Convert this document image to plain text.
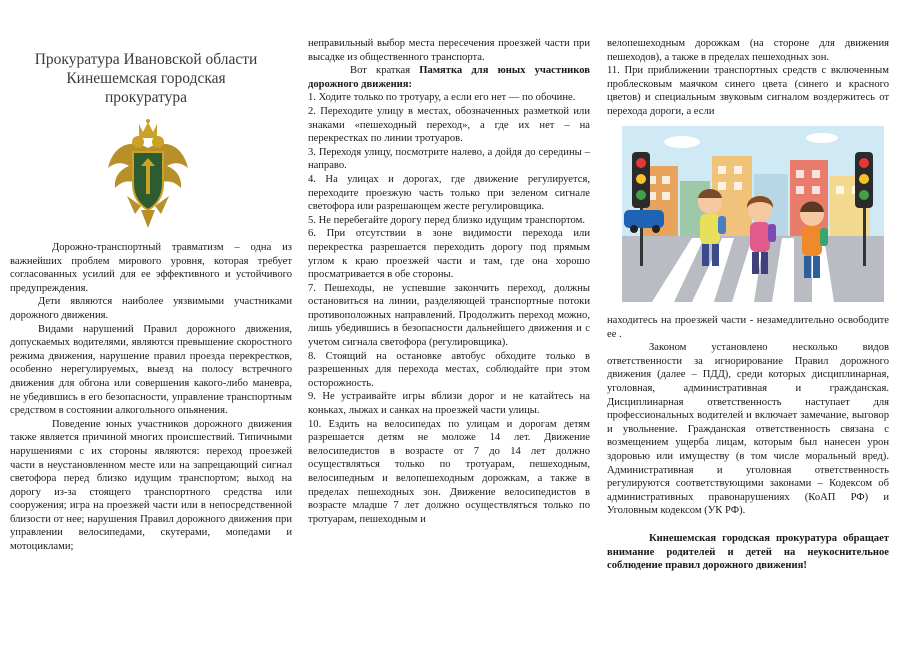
Прокуратура Ивановской области
Кинешемская городская
прокуратура

Дорожно-транспортный травматизм – одна из важнейших проблем мирового уровня, которая требует согласованных усилий для ее эффективного и устойчивого предупреждения.

Дети являются наиболее уязвимыми участниками дорожного движения.

Видами нарушений Правил дорожного движения, допускаемых водителями, являются превышение скоростного режима движения, нарушение правил проезда перекрестков, особенно нерегулируемых, выезд на полосу встречного движения для обгона или совершения какого-либо маневра, не убедившись в его безопасности, управление транспортным средством в состоянии алкогольного опьянения.

Поведение юных участников дорожного движения также является причиной многих происшествий. Типичными нарушениями с их стороны являются: переход проезжей части в неустановленном месте или на запрещающий сигнал светофора перед близко идущим транспортом; выход на дорогу из-за стоящего транспортного средства или сооружения; игра на проезжей части или в непосредственной близости от нее; нарушения Правил дорожного движения при управлении велосипедами, скутерами, мопедами и мотоциклами;

неправильный выбор места пересечения проезжей части при высадке из общественного транспорта.

Вот краткая Памятка для юных участников дорожного движения:

1. Ходите только по тротуару, а если его нет — по обочине.

2. Переходите улицу в местах, обозначенных разметкой или знаками «пешеходный переход», а где их нет – на перекрестках по линии тротуаров.

3. Переходя улицу, посмотрите налево, а дойдя до середины – направо.

4. На улицах и дорогах, где движение регулируется, переходите проезжую часть только при зеленом сигнале светофора или разрешающем жесте регулировщика.

5. Не перебегайте дорогу перед близко идущим транспортом.

6. При отсутствии в зоне видимости перехода или перекрестка разрешается переходить дорогу под прямым углом к краю проезжей части и там, где она хорошо просматривается в обе стороны.

7. Пешеходы, не успевшие закончить переход, должны остановиться на линии, разделяющей транспортные потоки противоположных направлений. Продолжить переход можно, лишь убедившись в безопасности дальнейшего движения и с учетом сигнала светофора (регулировщика).

8. Стоящий на остановке автобус обходите только в разрешенных для перехода местах, соблюдайте при этом осторожность.

9. Не устраивайте игры вблизи дорог и не катайтесь на коньках, лыжах и санках на проезжей части улицы.

10. Ездить на велосипедах по улицам и дорогам детям разрешается детям не моложе 14 лет. Движение велосипедистов в возрасте от 7 до 14 лет должно осуществляться только по тротуарам, пешеходным, велосипедным и велопешеходным дорожкам, а также в пределах пешеходных зон. Движение велосипедистов в возрасте младше 7 лет должно осуществляться только по тротуарам, пешеходным и

велопешеходным дорожкам (на стороне для движения пешеходов), а также в пределах пешеходных зон.

11. При приближении транспортных средств с включенным проблесковым маячком синего цвета (синего и красного цветов) и специальным звуковым сигналом воздержитесь от перехода дороги, а если

находитесь на проезжей части - незамедлительно освободите ее .

Законом установлено несколько видов ответственности за игнорирование Правил дорожного движения (далее – ПДД), среди которых дисциплинарная, уголовная, административная и гражданская. Дисциплинарная ответственность наступает для профессиональных водителей и включает замечание, выговор и увольнение. Гражданская ответственность связана с возмещением ущерба лицам, которым был нанесен урон здоровью или имуществу (в том числе моральный вред). Административная и уголовная ответственность регулируются соответствующими законами – Кодексом об административных правонарушениях (КоАП РФ) и Уголовным кодексом (УК РФ).

Кинешемская городская прокуратура обращает внимание родителей и детей на неукоснительное соблюдение правил дорожного движения!
